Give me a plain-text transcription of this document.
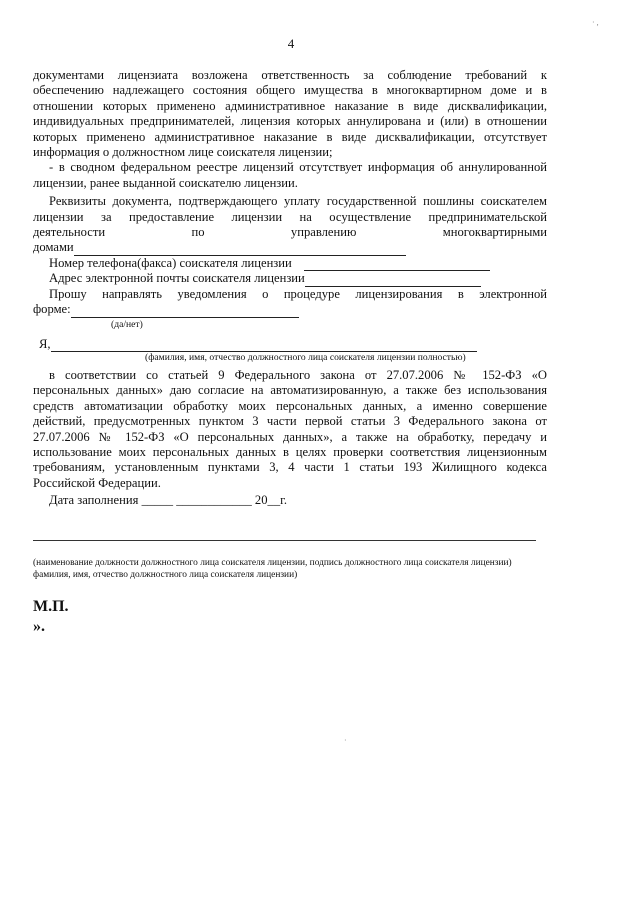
4

документами лицензиата возложена ответственность за соблюдение требований к

обеспечению надлежащего состояния общего имущества в многоквартирном доме и в

отношении которых применено административное наказание в виде дисквалификации,

индивидуальных предпринимателей, лицензия которых аннулирована и (или) в отношении

которых применено административное наказание в виде дисквалификации, отсутствует

информация о должностном лице соискателя лицензии;

- в сводном федеральном реестре лицензий отсутствует информация об аннулированной

лицензии, ранее выданной соискателю лицензии.

Реквизиты документа, подтверждающего уплату государственной пошлины соискателем

лицензии за предоставление лицензии на осуществление предпринимательской

деятельности по управлению многоквартирными

домами
Номер телефона(факса) соискателя лицензии
Адрес электронной почты соискателя лицензии

Прошу направлять уведомления о процедуре лицензирования в электронной

форме:
(да/нет)
Я,
(фамилия, имя, отчество должностного лица соискателя лицензии полностью)

в соответствии со статьей 9 Федерального закона от 27.07.2006 № 152-ФЗ «О

персональных данных» даю согласие на автоматизированную, а также без использования

средств автоматизации обработку моих персональных данных, а именно совершение

действий, предусмотренных пунктом 3 части первой статьи 3 Федерального закона от

27.07.2006 № 152-ФЗ «О персональных данных», а также на обработку, передачу и

использование моих персональных данных в целях проверки соответствия лицензионным

требованиям, установленным пунктами 3, 4 части 1 статьи 193 Жилищного кодекса

Российской Федерации.

Дата заполнения _____ ____________ 20__г.
(наименование должности должностного лица соискателя лицензии, подпись должностного лица соискателя лицензии)
фамилия, имя, отчество должностного лица соискателя лицензии)
М.П.
».
· ,
·
